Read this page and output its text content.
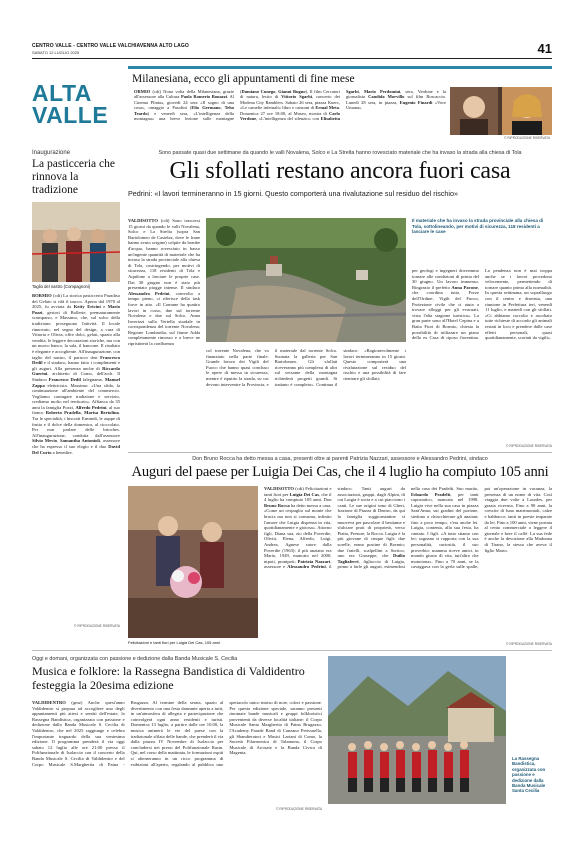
CENTRO VALLE - CENTRO VALLE VALCHIAVENNA ALTO LAGO
SABATO 12 LUGLIO 2025	41
ALTA
VALLE
Milanesiana, ecco gli appuntamenti di fine mese
ORMIO (cdi) Nona volta della Milanesiana, grazie all'assessore alla Cultura Paola Romerio Bonazzi. Al Cinema Plinius, giovedì 24 sera «Il sogno di una cosa», omaggio a Pasolini (Elio Germano, Teho Teardo) e venerdì sera, «L'intelligenza della montagna» una breve lezione sulle montagne (Damiano Cunego, Gianni Bugno). Il film Cercatori di natura, lectio di Vittorio Sgarbi, concerto dei Modena City Ramblers. Sabato 26 sera, piazza Kuerc, «Le camelie infernali» libro e canzoni di Ermal Meta. Domenica 27 ore 18:00, al Museo, mostra di Carlo Verdone, «L'intelligenza del silenzio» con Elisabetta Sgarbi, Mario Perdomini, sera, Verdone e la giornalista Candida Morvillo sul film Roscaccio. Lunedì 28 sera, in piazza, Eugenio Finardi «Voce Umana».
© RIPRODUZIONE RISERVATA
Inaugurazione
La pasticceria che rinnova la tradizione
Taglio del nastro (Compagnoni)
BORMIO (cdi) La storica pasticceria Paradiso del Gelato si rifà il trucco. Aperta dal 1970 al 2025, fu avviata da Ketty Ericini e Mario Pozzi, gestori di Bollerie, prematuramente scomparso, e Massimo, che, sul solco della tradizione, proseguono l'attività. Il locale rinnovato, nel segno del design, a cura di Vittoria e Olivia, offre dolci, gelati, spazio alla vendita, le leggere decorazioni storiche, ma con un nuovo banco, la sala, il bancone. Il risultato è elegante e accogliente. All'inaugurazione, con taglio del nastro, il parroco don Francesco Dedil e il sindaco, hanno fatto i complimenti e gli auguri. Alla presenza anche di Riccardo Guerini, architetto di Como, dell'arch. Il Sindaco Francesco Dedil falegname, Manuel Zappa elettricista. Massimo: «Una sfida, la continuazione all'ambiente del commercio. Vogliamo coniugare tradizione e servizio, crediamo molto nel territorio». Affianca da 35 anni la famiglia Pozzi, Alfredo Pedrini, al suo fianco Roberta Pradella, Marisa Bertolina. Tra le specialità, i biscotti Ermindi, le zuppe di frutta e il dolce della domenica, al cioccolato. Per non parlare delle brioches. All'inaugurazione, condotta dall'assessore Silvio Mevio, Samantha Antonioli, assessore che ha espresso il suo elogio e il duo David Del Curto a benedire.
© RIPRODUZIONE RISERVATA
Sono passate quasi due settimane da quando le valli Novalena, Solco e La Strelta hanno rovesciato materiale che ha invaso la strada alla chiesa di Tola
Gli sfollati restano ancora fuori casa
Pedrini: «I lavori termineranno in 15 giorni. Questo comporterà una rivalutazione sul residuo del rischio»
VALDISOTTO (cdi) Sono trascorsi 15 giorni da quando le valli Novalena, Solco e La Strelta (sopra San Bartolomeo de Castelaz, dove le frane hanno avuto origine) colpite da bombe d'acqua, hanno rovesciato in basso un'ingente quantità di materiale che ha invaso la strada provinciale alla chiesa di Tola, costringendo, per motivi di sicurezza, 118 residenti di Tola e Aquilone a lasciare le proprie case. Dai 30 giugno non è stato più presentato piogge intense. Il sindaco Alessandro Pedrini, coinvolto a tempo pieno, ci riferisce della task force in atto. «Il Comune ha quattro lavori in corso, due sul torrente Novalena e due sul Solco. Anna Inverizzi sulla Vertella stradale in corrispondenza del torrente Novalena; Regione Lombardia, sul fiume Adda completamente rimosso e a breve ne ripristinerà la confluenza
Il materiale che ha invaso la strada provinciale alla chiesa di Tola, sottolineando, per motivi di sicurezza, 118 residenti a lasciare le case
col torrente Novalena, che va finanziato nella parte finale. Grande lavoro dei Vigili del Fuoco che hanno quasi concluso le opere di messa in sicurezza, mentre è riputito la strada, su cui devono intervenire la Provincia, e il materiale dal torrente Solco. Suonata la galleria per San Bartolomeo. Gli sfollati riceveranno più complessi di altri sul versante della montagna richiederà progetti grandi. Si trattano è completo». Continua il sindaco: «Ragionevolmente i lavori termineranno in 15 giorni. Questo comporterà una rivalutazione sul residuo del rischio e una possibilità di fare rientrare gli sfollati;
per geologi e ingegneri dovremmo tornare alle condizioni di prima del 30 giugno. Un lavoro immenso. Ringrazio il prefetto Anna Pavone, che coordina tutto, Forze dell'Ordine, Vigili del Fuoco, Protezione civile che ci aiuta a trovare alloggi per gli evacuati, vista l'alta stagione turistica». La gran parte sono all'Hotel Cepina e a Baita Fiori di Bormio, chiesta la possibilità di utilizzare un piano della ex Casa di riposo fiorentina. La pendenza non è mai troppa anche se i lavori procedono velocemente, permettendo di tornare quanto prima alla normalità. In questa settimana, un sopralluogo con il centro e dronista, una riunione in Prefettura ieri, venerdì 11 luglio, e martedì con gli sfollati. «Ci abbiamo raccolto e ascoltato tutte richieste di accordo gli animali restati in loco e prendere dalle case effetti personali, quasi quotidianamente, scortati da vigili».
© RIPRODUZIONE RISERVATA
Don Bruno Rocca ha detto messa a casa, presenti oltre ai parenti Patrizia Nazzari, assessore e Alessandro Pedrini, sindaco
Auguri del paese per Luigia Dei Cas, che il 4 luglio ha compiuto 105 anni
Felicitazioni e tanti fiori per Luigia Dei Cas, 105 anni
VALDISOTTO (cdi) Felicitazioni e tanti fiori per Luigia Dei Cas, che il 4 luglio ha compiuto 105 anni. Don Bruno Rocca ha detto messa a casa. «Come un cespuglio sul monte che brucia ma non si consuma, infinito l'amore che Luigia dispensa in vita, quotidianamente e gioiosa». Attorno figli, Diana sua, zio della Poverdie, Oliviti, Elena, Alfredo, Luigi, Andrea, Agnese suore dalla Poverdie (1963): il più anziano era Mario, 1949, mancato nel 2000; nipoti, pronipoti; Patrizia Nazzari, assessore e Alessandro Pedrini, il sindaco. Tanti auguri da associazioni, gruppi, dagli Alpini, di cui Luigia è socia e a cui piacciono i canti. Le sue origini sono di Ghert, frazione di Piazza di Dentro, da qui la famiglia soggiornantine si muoveva per pascolare il bestiame e sfalciare prati di proprietà, verso Piatta, Presure, la Rocca. Luigia è la più giovane di cinque figli: due sorelle, erano postine di Bormio; due fratelli, scalpellini a Sortico, uno era Giuseppe, che Duilio Tagliaferri, figlioccio di Luigia, primo a farle gli auguri, esimendosi nella casa dei Pradelti. Suo marito, Edoardo Pradelti, per tanti capostatico, mancato nel 1998. Luigia vive nella sua casa in piazza Sant'Anna; sui gradini del portone, siedono a chiacchierare gli anziani; fino a poco tempo, c'era anche lei. Luigia, contenta, alla sua festa, ha cantato. I figli. «A tutto stiamo con lei; sognano si rapporta con la sua personalità, curiosità, il suo proverbio: mamma riceve amici, in mondo giusto di vita, tutt'altro che monotona». Fino a 70 anni, se la cavaggava con la gerla sulle spalle; poi un'operazione in vacanza, la presenza di un nome di vita. Così viaggia due volte a Lourdes, per grazia ricevuta. Fino a 90 anni, la crescite di luna matrimoniali, calze e babbucce, tanti in poesie imparate da lei. Fino a 100 anni, viene portata al cento commerciale o leggere il giornale e bere il caffè. La sua fede è anche la devozione alla Madonna di Tirano, la stessa che aveva il figlio Mario.
© RIPRODUZIONE RISERVATA
Oggi e domani, organizzata con passione e dedizione dalla Banda Musicale S. Cecilia
Musica e folklore: la Rassegna Bandistica di Valdidentro festeggia la 20esima edizione
VALDIDENTRO (gmz) Anche quest'anno Valdidentro si prepara ad accogliere uno degli appuntamenti più attesi e sentiti dell'estate, la Rassegna Bandistica, organizzata con passione e dedizione dalla Banda Musicale S. Cecilia di Valdidentro, che nel 2025 raggiunge e celebra l'importante traguardo della sua ventesima edizione. Il programma prenderà il via oggi sabato 12 luglio alle ore 21:00 presso il Polifunzionale di Isolaccia con il concerto della Banda Musicale S. Cecilia di Valdidentro e del Corpo Musicale S.Margherita di Paina - Brugazzo. Al termine della serata, spazio al divertimento con una festa danzante aperta a tutti, in un'atmosfera di allegria e partecipazione che coinvolgerà ogni anno residenti e turisti. Domenica 13 luglio, a partire dalle ore 10.00, la musica animerà le vie del paese con la tradizionale sfilata delle bande, che prenderà il via dalla piazza IV Novembre di Isolaccia per concludersi nei pressi del Polifunzionale Rasin. Qui, nel corso della mattinata, le formazioni ospiti si alterneranno in un ricco programma di esibizioni all'aperto, regalando al pubblico uno spettacolo unico intriso di note, colori e passione. Per questa edizione speciale, saranno presenti rinomate bande musicali e gruppi folkloristici provenienti da diverse località italiane: il Corpo Musicale Santa Margherita di Paina Brugazzo, l'Academy Parade Band di Canzano Perissuella, gli Sbandieratori e Musici Lariani di Como, la Società Filarmonica di Talamona, il Corpo Musicale di Arcisate e la Banda Civica di Magenta.
La Rassegna Bandistica, organizzata con passione e dedizione dalla Banda Musicale Santa Cecilia
© RIPRODUZIONE RISERVATA
